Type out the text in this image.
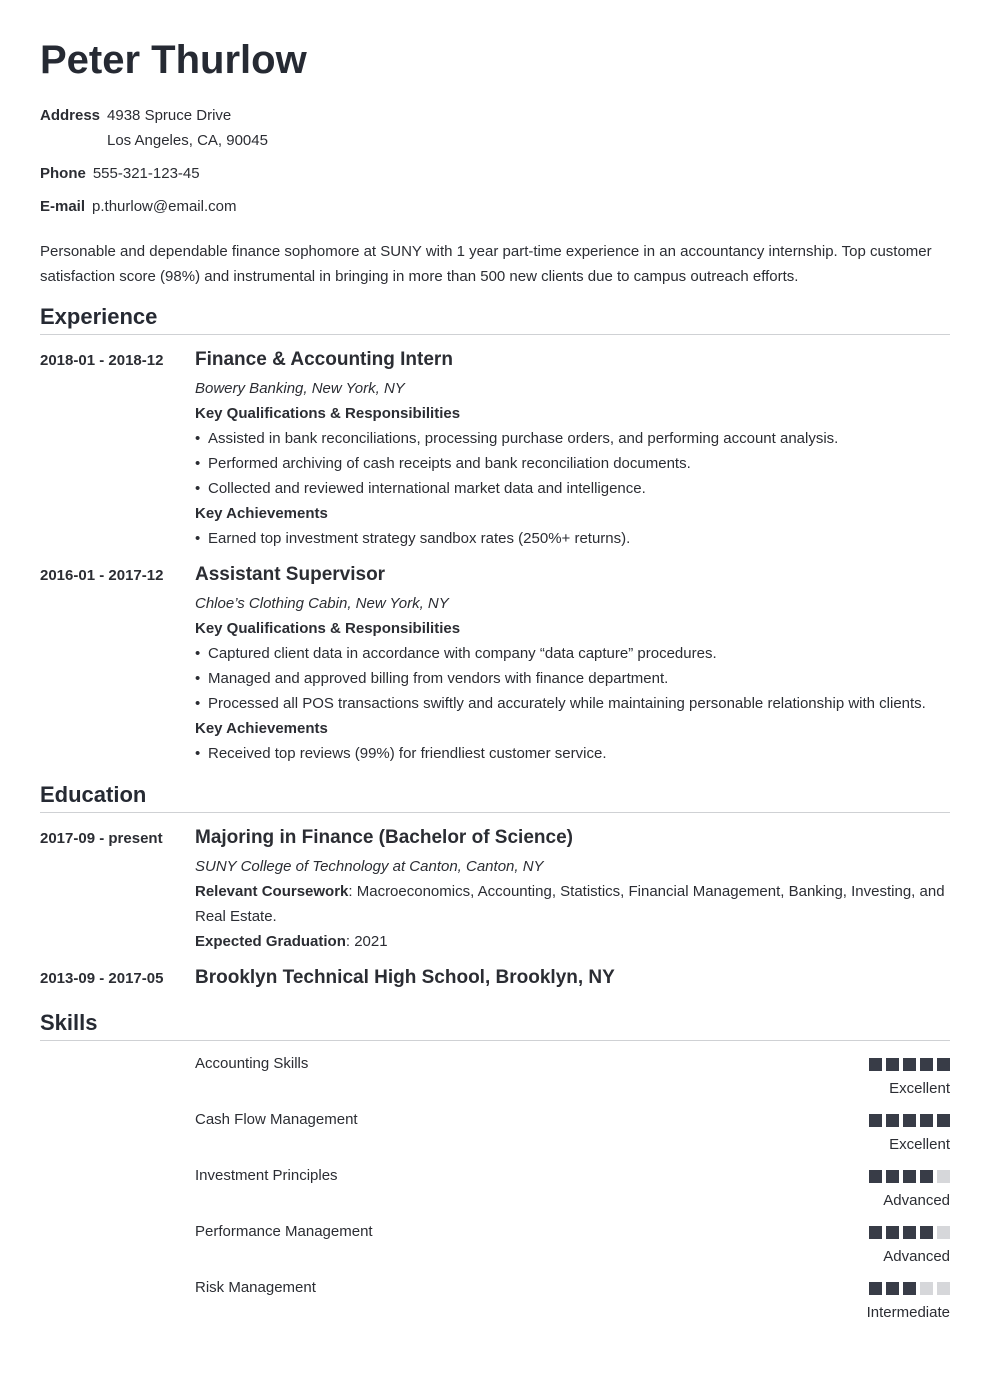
Peter Thurlow
Address 4938 Spruce Drive
Los Angeles, CA, 90045
Phone 555-321-123-45
E-mail p.thurlow@email.com

Personable and dependable finance sophomore at SUNY with 1 year part-time experience in an accountancy internship. Top customer satisfaction score (98%) and instrumental in bringing in more than 500 new clients due to campus outreach efforts.

Experience
2018-01 - 2018-12 Finance & Accounting Intern
Bowery Banking, New York, NY
Key Qualifications & Responsibilities
• Assisted in bank reconciliations, processing purchase orders, and performing account analysis.
• Performed archiving of cash receipts and bank reconciliation documents.
• Collected and reviewed international market data and intelligence.
Key Achievements
• Earned top investment strategy sandbox rates (250%+ returns).
2016-01 - 2017-12 Assistant Supervisor
Chloe’s Clothing Cabin, New York, NY
Key Qualifications & Responsibilities
• Captured client data in accordance with company “data capture” procedures.
• Managed and approved billing from vendors with finance department.
• Processed all POS transactions swiftly and accurately while maintaining personable relationship with clients.
Key Achievements
• Received top reviews (99%) for friendliest customer service.
Education
2017-09 - present Majoring in Finance (Bachelor of Science)
SUNY College of Technology at Canton, Canton, NY
Relevant Coursework: Macroeconomics, Accounting, Statistics, Financial Management, Banking, Investing, and Real Estate.
Expected Graduation: 2021
2013-09 - 2017-05 Brooklyn Technical High School, Brooklyn, NY
Skills
Accounting Skills
Excellent
Cash Flow Management
Excellent
Investment Principles
Advanced
Performance Management
Advanced
Risk Management
Intermediate
